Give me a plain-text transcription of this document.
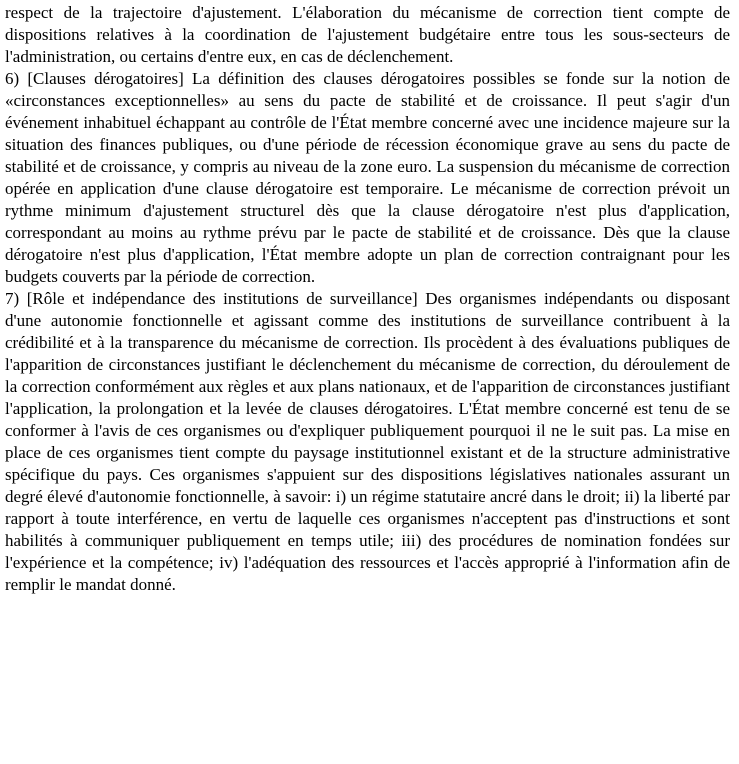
respect de la trajectoire d'ajustement. L'élaboration du mécanisme de correction tient compte de dispositions relatives à la coordination de l'ajustement budgétaire entre tous les sous-secteurs de l'administration, ou certains d'entre eux, en cas de déclenchement.

6) [Clauses dérogatoires] La définition des clauses dérogatoires possibles se fonde sur la notion de «circonstances exceptionnelles» au sens du pacte de stabilité et de croissance. Il peut s'agir d'un événement inhabituel échappant au contrôle de l'État membre concerné avec une incidence majeure sur la situation des finances publiques, ou d'une période de récession économique grave au sens du pacte de stabilité et de croissance, y compris au niveau de la zone euro. La suspension du mécanisme de correction opérée en application d'une clause dérogatoire est temporaire. Le mécanisme de correction prévoit un rythme minimum d'ajustement structurel dès que la clause dérogatoire n'est plus d'application, correspondant au moins au rythme prévu par le pacte de stabilité et de croissance. Dès que la clause dérogatoire n'est plus d'application, l'État membre adopte un plan de correction contraignant pour les budgets couverts par la période de correction.

7) [Rôle et indépendance des institutions de surveillance] Des organismes indépendants ou disposant d'une autonomie fonctionnelle et agissant comme des institutions de surveillance contribuent à la crédibilité et à la transparence du mécanisme de correction. Ils procèdent à des évaluations publiques de l'apparition de circonstances justifiant le déclenchement du mécanisme de correction, du déroulement de la correction conformément aux règles et aux plans nationaux, et de l'apparition de circonstances justifiant l'application, la prolongation et la levée de clauses dérogatoires. L'État membre concerné est tenu de se conformer à l'avis de ces organismes ou d'expliquer publiquement pourquoi il ne le suit pas. La mise en place de ces organismes tient compte du paysage institutionnel existant et de la structure administrative spécifique du pays. Ces organismes s'appuient sur des dispositions législatives nationales assurant un degré élevé d'autonomie fonctionnelle, à savoir: i) un régime statutaire ancré dans le droit; ii) la liberté par rapport à toute interférence, en vertu de laquelle ces organismes n'acceptent pas d'instructions et sont habilités à communiquer publiquement en temps utile; iii) des procédures de nomination fondées sur l'expérience et la compétence; iv) l'adéquation des ressources et l'accès approprié à l'information afin de remplir le mandat donné.
